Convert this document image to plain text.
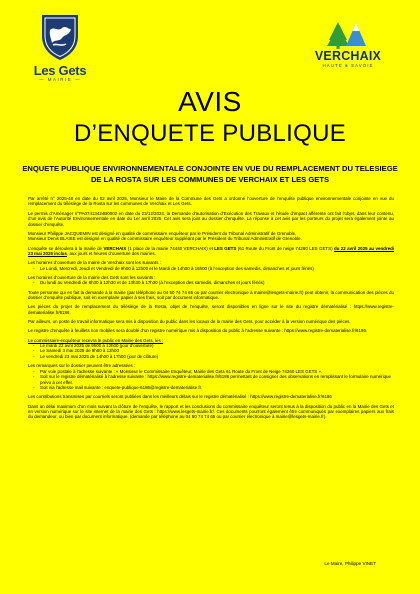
Les Gets
— MAIRIE —
VERCHAIX
HAUTE ■ SAVOIE
AVIS
D’ENQUETE PUBLIQUE

ENQUETE PUBLIQUE ENVIRONNEMENTALE CONJOINTE EN VUE DU REMPLACEMENT DU TELESIEGE DE LA ROSTA SUR LES COMMUNES DE VERCHAIX ET LES GETS

Par arrêté n° 2025-48 en date du 02 avril 2025, Monsieur le Maire de la Commune des Gets a ordonné l’ouverture de l’enquête publique environnementale conjointe en vue du remplacement du télésiège de la Rosta sur les communes de Verchaix et Les Gets.

Le permis d’Aménager n°PA07413424B0002 en date du 23/12/2024, la Demande d’autorisation d’Exécution des Travaux et l’étude d’impact afférente ont fait l’objet, dans leur contenu, d’un avis de l’Autorité Environnementale en date du 1er avril 2025. Cet avis sera joint au dossier d’enquête. La réponse à cet avis par les porteurs du projet sera également jointe au dossier d’enquête.

Monsieur Philippe JACQUEMIN est désigné en qualité de commissaire enquêteur par le Président du Tribunal Administratif de Grenoble.
Monsieur Denis BLAISE est désigné en qualité de commissaire enquêteur suppléant par le Président du Tribunal Administratif de Grenoble.

L’enquête se déroulera à la mairie de VERCHAIX (1 place de la mairie 74440 VERCHAIX) et LES GETS (61 Route du Front de neige 74260 LES GETS) du 22 avril 2025 au vendredi 23 mai 2025 inclus, aux jours et heures d’ouverture des mairies.

Les horaires d’ouverture de la mairie de Verchaix sont les suivants :

- Le Lundi, Mercredi, Jeudi et Vendredi de 9h00 à 12h00 et le Mardi de 14h00 à 16h00 (à l’exception des samedis, dimanches et jours fériés)

Les horaires d’ouverture de la mairie des Gets sont les suivants :

- Du lundi au Vendredi de 8h30 à 12h30 et de 13h30 à 17h30 (à l’exception des samedis, dimanches et jours fériés)

Toute personne qui en fait la demande à la mairie (par téléphone au 04 50 74 74 65 ou par courrier électronique à mairie@lesgets-mairie.fr) peut obtenir, la communication des pièces du dossier d’enquête publique, soit en exemplaire papier à ses frais, soit par document informatique.

Les pièces du projet de remplacement du télésiège de la Rosta, objet de l’enquête, seront disponibles en ligne sur le site du registre dématérialisé : https://www.registre-dematerialise.fr/6186.

Par ailleurs, un poste de travail informatique sera mis à disposition du public dans les locaux de la mairie des Gets, pour accéder à la version numérique des pièces.

Le registre d’enquête à feuillets non mobiles sera doublé d’un registre numérique mis à disposition du public à l’adresse suivante : https://www.registre-dematerialise.fr/6186.

Le commissaire-enquêteur recevra le public en Mairie des Gets, les :

- Le mardi 22 avril 2025 de 9h00 à 12h00 (jour d’ouverture)
- Le Samedi 3 mai 2025 de 9h00 à 12h00
- Le vendredi 23 mai 2025 de 14h00 à 17h00 (jour de clôture)

Les remarques sur le dossier peuvent être adressées :

- Par voie postale à l’adresse suivante : « Monsieur le Commissaire Enquêteur, Mairie des Gets 61 Route du Front de Neige 74260 LES GETS ».
- Soit sur le registre dématérialisé à l’adresse suivante : https://www.registre-dematerialise.fr/6186 permettant de consigner des observations en remplissant le formulaire numérique prévu à cet effet.
- Soit via l’adresse mail suivante : enquete-publique-6186@registre-dematerialise.fr.

Les contributions transmises par courriels seront publiées dans les meilleurs délais sur le registre dématérialisé : https://www.registre-dematerialise.fr/6186

Dans un délai maximum d’un mois suivant la clôture de l’enquête, le rapport et les conclusions du commissaire enquêteur seront tenus à la disposition du public en la Mairie des Gets et en version numérique sur le site internet de la mairie des Gets : https://www.lesgets-mairie.fr/. Ces documents pourront également être communiqués par exemplaires papiers aux frais du demandeur, ou bien par document informatique. (demande par téléphone au 04 50 74 74 65 ou par courrier électronique à mairie@lesgets-mairie.fr).

Le Maire, Philippe VINET
